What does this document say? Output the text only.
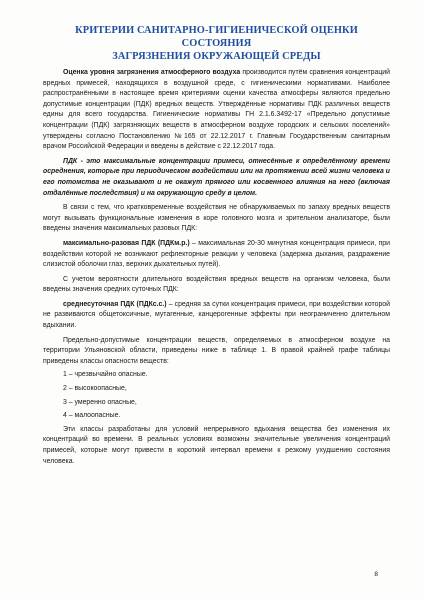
КРИТЕРИИ САНИТАРНО-ГИГИЕНИЧЕСКОЙ ОЦЕНКИ СОСТОЯНИЯ
ЗАГРЯЗНЕНИЯ ОКРУЖАЮЩЕЙ СРЕДЫ

Оценка уровня загрязнения атмосферного воздуха производится путём сравнения концентраций вредных примесей, находящихся в воздушной среде, с гигиеническими нормативами. Наиболее распространёнными в настоящее время критериями оценки качества атмосферы являются предельно допустимые концентрации (ПДК) вредных веществ. Утверждённые нормативы ПДК различных веществ едины для всего государства. Гигиенические нормативы ГН 2.1.6.3492-17 «Предельно допустимые концентрации (ПДК) загрязняющих веществ в атмосферном воздухе городских и сельских поселений» утверждены согласно Постановлению №165 от 22.12.2017 г. Главным Государственным санитарным врачом Российской Федерации и введены в действие с 22.12.2017 года.

ПДК - это максимальные концентрации примеси, отнесённые к определённому времени осреднения, которые при периодическом воздействии или на протяжении всей жизни человека и его потомства не оказывают и не окажут прямого или косвенного влияния на него (включая отдалённые последствия) и на окружающую среду в целом.

В связи с тем, что кратковременные воздействия не обнаруживаемых по запаху вредных веществ могут вызывать функциональные изменения в коре головного мозга и зрительном анализаторе, были введены значения максимальных разовых ПДК:

максимально-разовая ПДК (ПДКм.р.) – максимальная 20-30 минутная концентрация примеси, при воздействии которой не возникают рефлекторные реакции у человека (задержка дыхания, раздражение слизистой оболочки глаз, верхних дыхательных путей).

С учетом вероятности длительного воздействия вредных веществ на организм человека, были введены значения средних суточных ПДК:

среднесуточная ПДК (ПДКс.с.) – средняя за сутки концентрация примеси, при воздействии которой не развиваются общетоксичные, мутагенные, канцерогенные эффекты при неограниченно длительном вдыхании.

Предельно-допустимые концентрации веществ, определяемых в атмосферном воздухе на территории Ульяновской области, приведены ниже в таблице 1. В правой крайней графе таблицы приведены классы опасности веществ:

1 – чрезвычайно опасные.
2 – высокоопасные,
3 – умеренно опасные,
4 – малоопасные.

Эти классы разработаны для условий непрерывного вдыхания вещества без изменения их концентраций во времени. В реальных условиях возможны значительные увеличения концентраций примесей, которые могут привести в короткий интервал времени к резкому ухудшению состояния человека.

8
